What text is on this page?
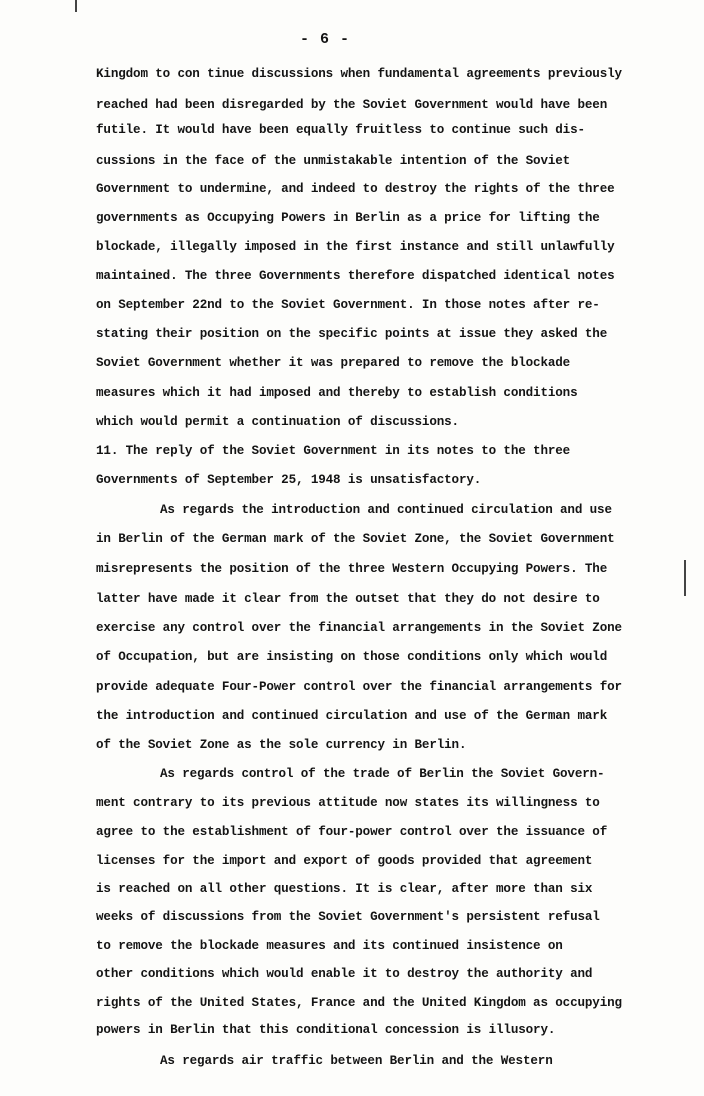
- 6 -
Kingdom to con tinue discussions when fundamental agreements previously
reached had been disregarded by the Soviet Government would have been
futile. It would have been equally fruitless to continue such dis-
cussions in the face of the unmistakable intention of the Soviet
Government to undermine, and indeed to destroy the rights of the three
governments as Occupying Powers in Berlin as a price for lifting the
blockade, illegally imposed in the first instance and still unlawfully
maintained. The three Governments therefore dispatched identical notes
on September 22nd to the Soviet Government. In those notes after re-
stating their position on the specific points at issue they asked the
Soviet Government whether it was prepared to remove the blockade
measures which it had imposed and thereby to establish conditions
which would permit a continuation of discussions.
11. The reply of the Soviet Government in its notes to the three
Governments of September 25, 1948 is unsatisfactory.
As regards the introduction and continued circulation and use
in Berlin of the German mark of the Soviet Zone, the Soviet Government
misrepresents the position of the three Western Occupying Powers. The
latter have made it clear from the outset that they do not desire to
exercise any control over the financial arrangements in the Soviet Zone
of Occupation, but are insisting on those conditions only which would
provide adequate Four-Power control over the financial arrangements for
the introduction and continued circulation and use of the German mark
of the Soviet Zone as the sole currency in Berlin.
As regards control of the trade of Berlin the Soviet Govern-
ment contrary to its previous attitude now states its willingness to
agree to the establishment of four-power control over the issuance of
licenses for the import and export of goods provided that agreement
is reached on all other questions. It is clear, after more than six
weeks of discussions from the Soviet Government's persistent refusal
to remove the blockade measures and its continued insistence on
other conditions which would enable it to destroy the authority and
rights of the United States, France and the United Kingdom as occupying
powers in Berlin that this conditional concession is illusory.
As regards air traffic between Berlin and the Western
